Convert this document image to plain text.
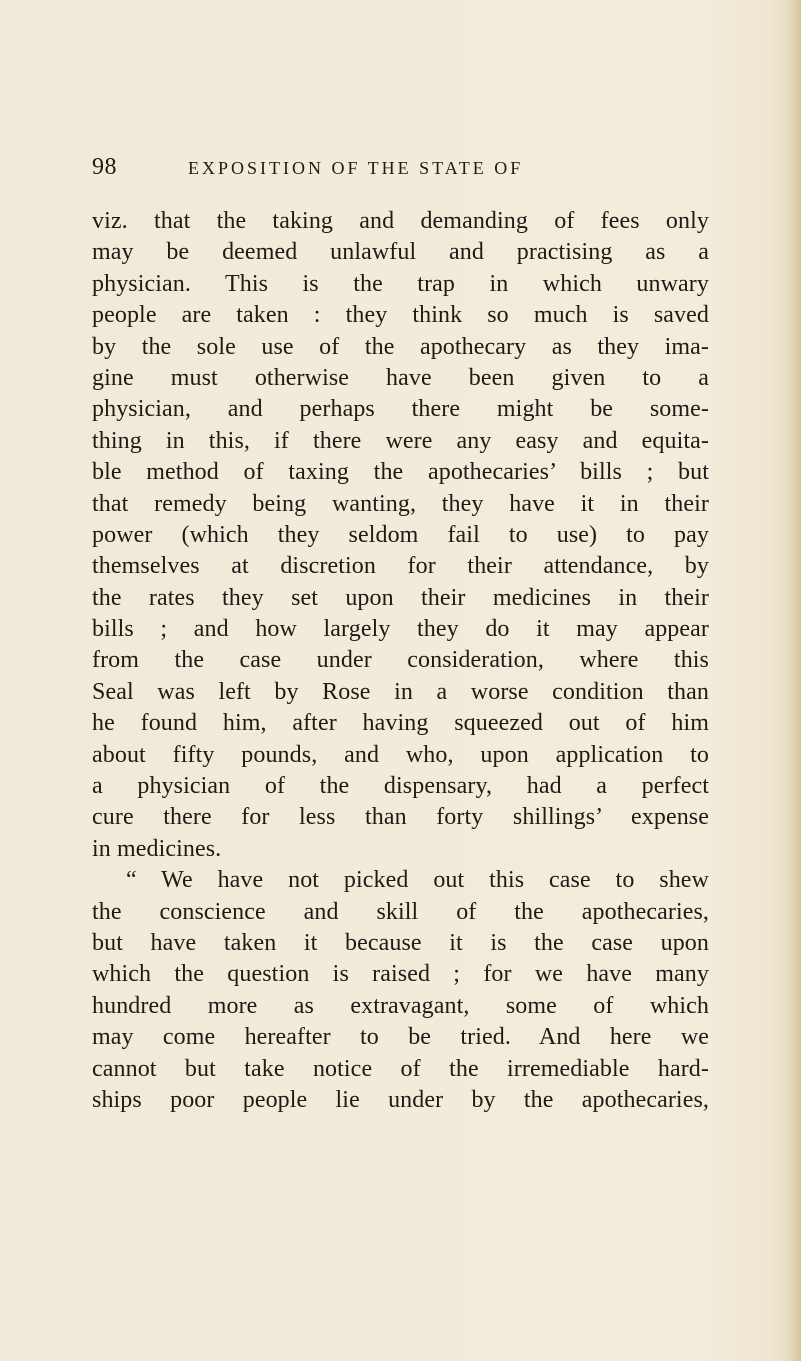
98	EXPOSITION OF THE STATE OF
viz. that the taking and demanding of fees only
may be deemed unlawful and practising as a
physician. This is the trap in which unwary
people are taken : they think so much is saved
by the sole use of the apothecary as they ima-
gine must otherwise have been given to a
physician, and perhaps there might be some-
thing in this, if there were any easy and equita-
ble method of taxing the apothecaries’ bills ; but
that remedy being wanting, they have it in their
power (which they seldom fail to use) to pay
themselves at discretion for their attendance, by
the rates they set upon their medicines in their
bills ; and how largely they do it may appear
from the case under consideration, where this
Seal was left by Rose in a worse condition than
he found him, after having squeezed out of him
about fifty pounds, and who, upon application to
a physician of the dispensary, had a perfect
cure there for less than forty shillings’ expense
in medicines.
“ We have not picked out this case to shew
the conscience and skill of the apothecaries,
but have taken it because it is the case upon
which the question is raised ; for we have many
hundred more as extravagant, some of which
may come hereafter to be tried. And here we
cannot but take notice of the irremediable hard-
ships poor people lie under by the apothecaries,
